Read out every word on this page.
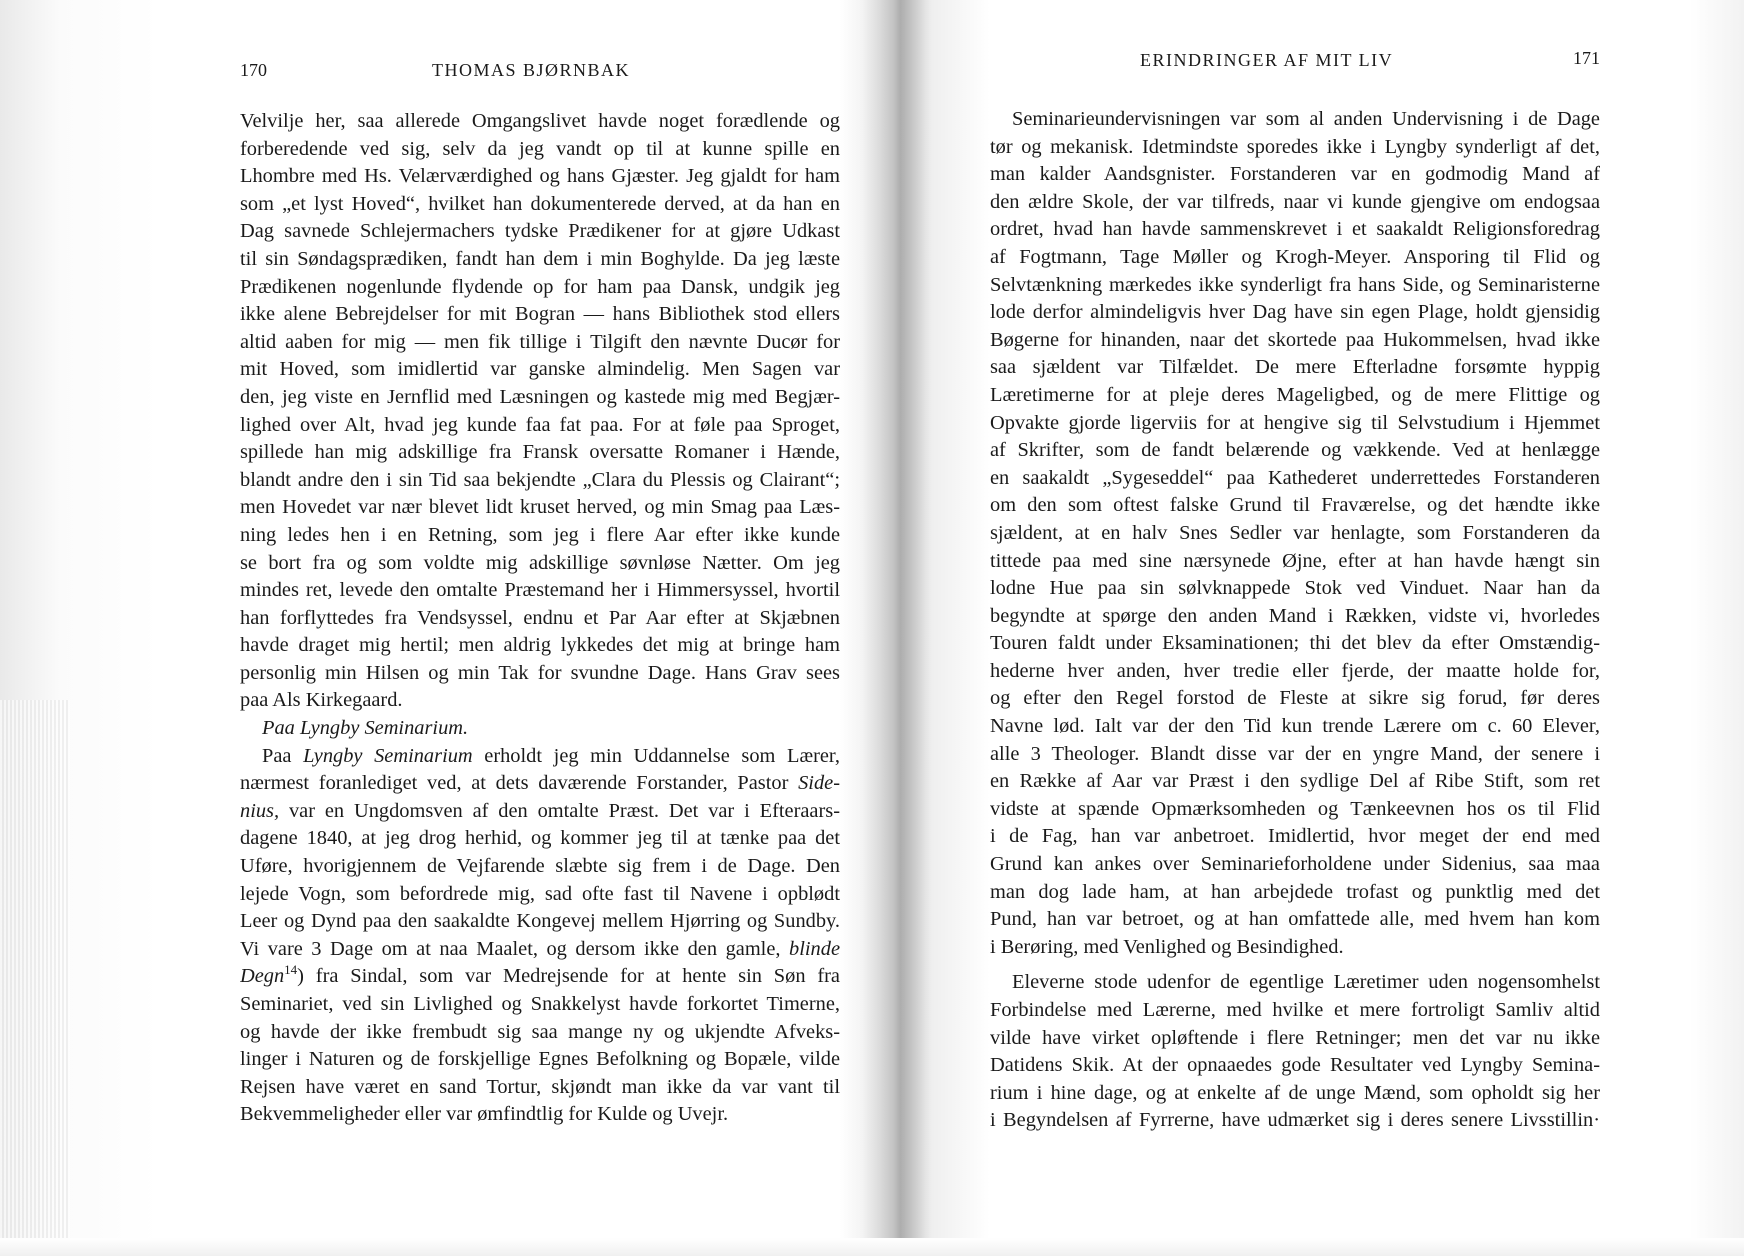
170	THOMAS BJØRNBAK
Velvilje her, saa allerede Omgangslivet havde noget forædlende og
forberedende ved sig, selv da jeg vandt op til at kunne spille en
Lhombre med Hs. Velærværdighed og hans Gjæster. Jeg gjaldt for ham
som „et lyst Hoved“, hvilket han dokumenterede derved, at da han en
Dag savnede Schlejermachers tydske Prædikener for at gjøre Udkast
til sin Søndagsprædiken, fandt han dem i min Boghylde. Da jeg læste
Prædikenen nogenlunde flydende op for ham paa Dansk, undgik jeg
ikke alene Bebrejdelser for mit Bogran — hans Bibliothek stod ellers
altid aaben for mig — men fik tillige i Tilgift den nævnte Ducør for
mit Hoved, som imidlertid var ganske almindelig. Men Sagen var
den, jeg viste en Jernflid med Læsningen og kastede mig med Begjær-
lighed over Alt, hvad jeg kunde faa fat paa. For at føle paa Sproget,
spillede han mig adskillige fra Fransk oversatte Romaner i Hænde,
blandt andre den i sin Tid saa bekjendte „Clara du Plessis og Clairant“;
men Hovedet var nær blevet lidt kruset herved, og min Smag paa Læs-
ning ledes hen i en Retning, som jeg i flere Aar efter ikke kunde
se bort fra og som voldte mig adskillige søvnløse Nætter. Om jeg
mindes ret, levede den omtalte Præstemand her i Himmersyssel, hvortil
han forflyttedes fra Vendsyssel, endnu et Par Aar efter at Skjæbnen
havde draget mig hertil; men aldrig lykkedes det mig at bringe ham
personlig min Hilsen og min Tak for svundne Dage. Hans Grav sees
paa Als Kirkegaard.
Paa Lyngby Seminarium.
Paa Lyngby Seminarium erholdt jeg min Uddannelse som Lærer,
nærmest foranlediget ved, at dets daværende Forstander, Pastor Side-
nius, var en Ungdomsven af den omtalte Præst. Det var i Efteraars-
dagene 1840, at jeg drog herhid, og kommer jeg til at tænke paa det
Uføre, hvorigjennem de Vejfarende slæbte sig frem i de Dage. Den
lejede Vogn, som befordrede mig, sad ofte fast til Navene i opblødt
Leer og Dynd paa den saakaldte Kongevej mellem Hjørring og Sundby.
Vi vare 3 Dage om at naa Maalet, og dersom ikke den gamle, blinde
Degn$^{14}$) fra Sindal, som var Medrejsende for at hente sin Søn fra
Seminariet, ved sin Livlighed og Snakkelyst havde forkortet Timerne,
og havde der ikke frembudt sig saa mange ny og ukjendte Afveks-
linger i Naturen og de forskjellige Egnes Befolkning og Bopæle, vilde
Rejsen have været en sand Tortur, skjøndt man ikke da var vant til
Bekvemmeligheder eller var ømfindtlig for Kulde og Uvejr.
ERINDRINGER AF MIT LIV	171
Seminarieundervisningen var som al anden Undervisning i de Dage
tør og mekanisk. Idetmindste sporedes ikke i Lyngby synderligt af det,
man kalder Aandsgnister. Forstanderen var en godmodig Mand af
den ældre Skole, der var tilfreds, naar vi kunde gjengive om endogsaa
ordret, hvad han havde sammenskrevet i et saakaldt Religionsforedrag
af Fogtmann, Tage Møller og Krogh-Meyer. Ansporing til Flid og
Selvtænkning mærkedes ikke synderligt fra hans Side, og Seminaristerne
lode derfor almindeligvis hver Dag have sin egen Plage, holdt gjensidig
Bøgerne for hinanden, naar det skortede paa Hukommelsen, hvad ikke
saa sjældent var Tilfældet. De mere Efterladne forsømte hyppig
Læretimerne for at pleje deres Mageligbed, og de mere Flittige og
Opvakte gjorde ligerviis for at hengive sig til Selvstudium i Hjemmet
af Skrifter, som de fandt belærende og vækkende. Ved at henlægge
en saakaldt „Sygeseddel“ paa Kathederet underrettedes Forstanderen
om den som oftest falske Grund til Fraværelse, og det hændte ikke
sjældent, at en halv Snes Sedler var henlagte, som Forstanderen da
tittede paa med sine nærsynede Øjne, efter at han havde hængt sin
lodne Hue paa sin sølvknappede Stok ved Vinduet. Naar han da
begyndte at spørge den anden Mand i Rækken, vidste vi, hvorledes
Touren faldt under Eksaminationen; thi det blev da efter Omstændig-
hederne hver anden, hver tredie eller fjerde, der maatte holde for,
og efter den Regel forstod de Fleste at sikre sig forud, før deres
Navne lød. Ialt var der den Tid kun trende Lærere om c. 60 Elever,
alle 3 Theologer. Blandt disse var der en yngre Mand, der senere i
en Række af Aar var Præst i den sydlige Del af Ribe Stift, som ret
vidste at spænde Opmærksomheden og Tænkeevnen hos os til Flid
i de Fag, han var anbetroet. Imidlertid, hvor meget der end med
Grund kan ankes over Seminarieforholdene under Sidenius, saa maa
man dog lade ham, at han arbejdede trofast og punktlig med det
Pund, han var betroet, og at han omfattede alle, med hvem han kom
i Berøring, med Venlighed og Besindighed.
Eleverne stode udenfor de egentlige Læretimer uden nogensomhelst
Forbindelse med Lærerne, med hvilke et mere fortroligt Samliv altid
vilde have virket opløftende i flere Retninger; men det var nu ikke
Datidens Skik. At der opnaaedes gode Resultater ved Lyngby Semina-
rium i hine dage, og at enkelte af de unge Mænd, som opholdt sig her
i Begyndelsen af Fyrrerne, have udmærket sig i deres senere Livsstillin·
